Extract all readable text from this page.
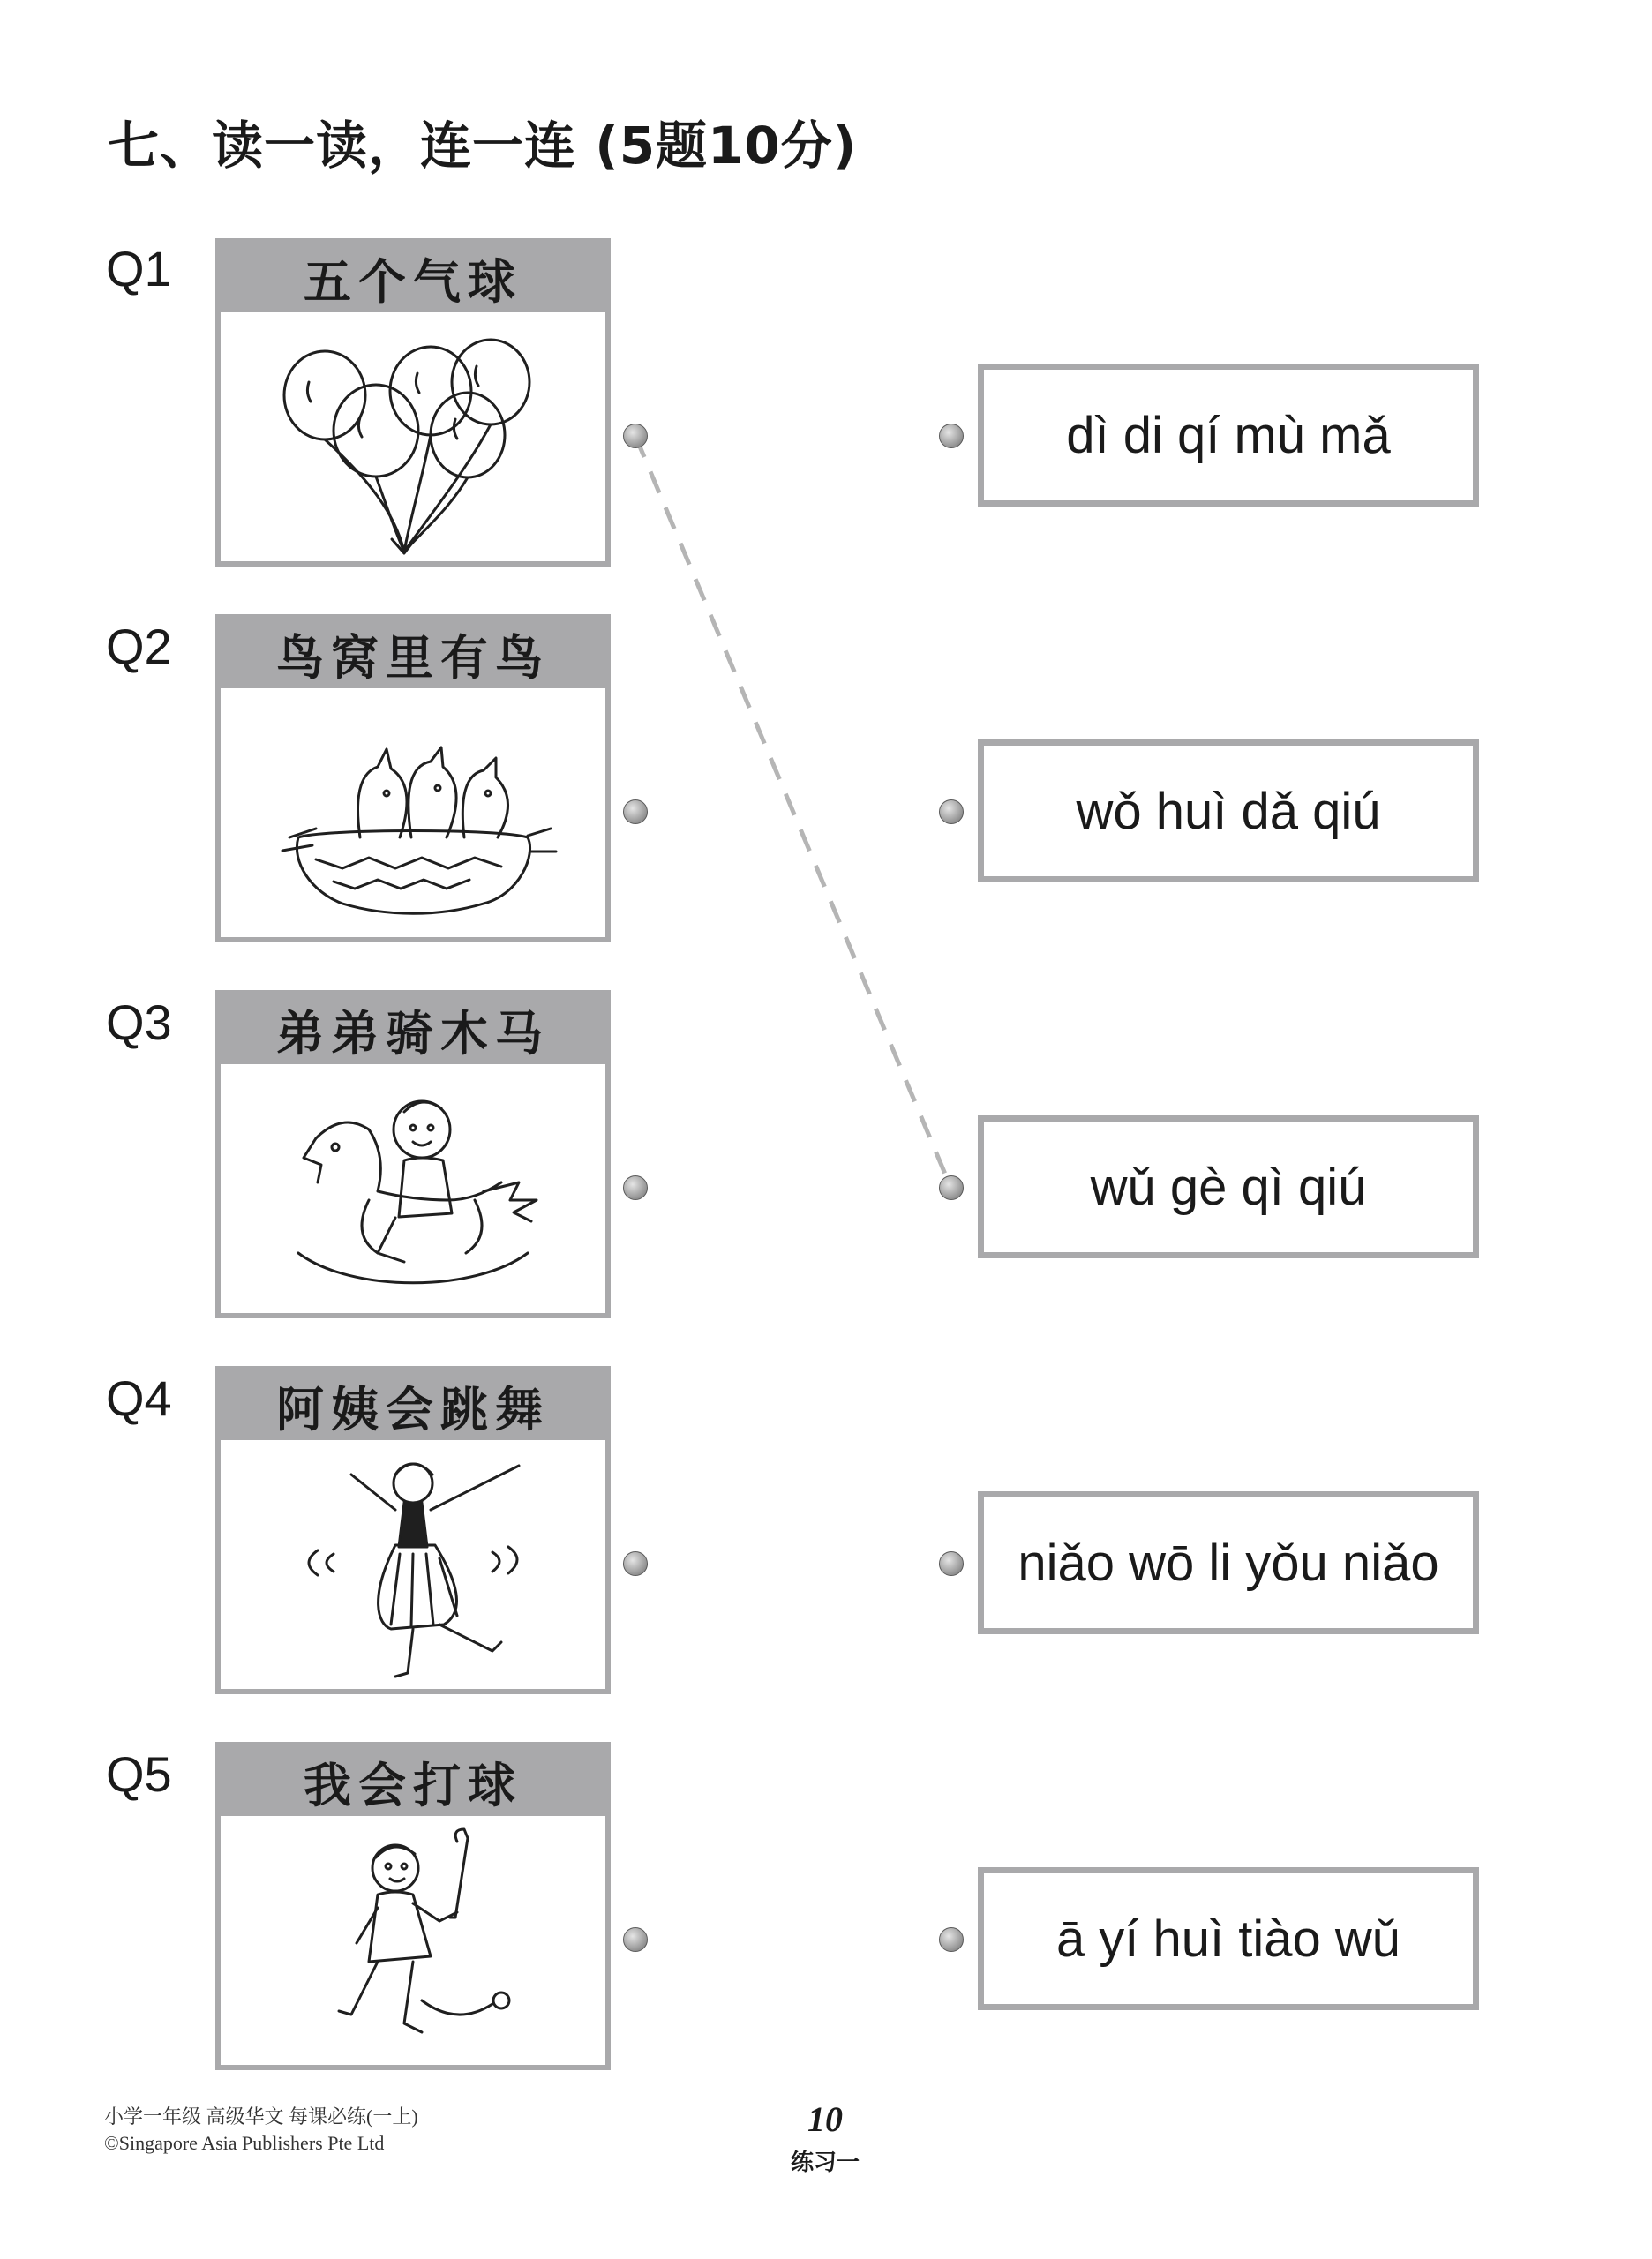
七、读一读，连一连 (5题10分)
Q1	五个气球
Q2	鸟窝里有鸟
Q3	弟弟骑木马
Q4	阿姨会跳舞
Q5	我会打球
dì di qí mù mǎ
wǒ huì dǎ qiú
wǔ gè qì qiú
niǎo wō li yǒu niǎo
ā yí huì tiào wǔ
小学一年级 高级华文 每课必练(一上)
©Singapore Asia Publishers Pte Ltd
10
练习一
